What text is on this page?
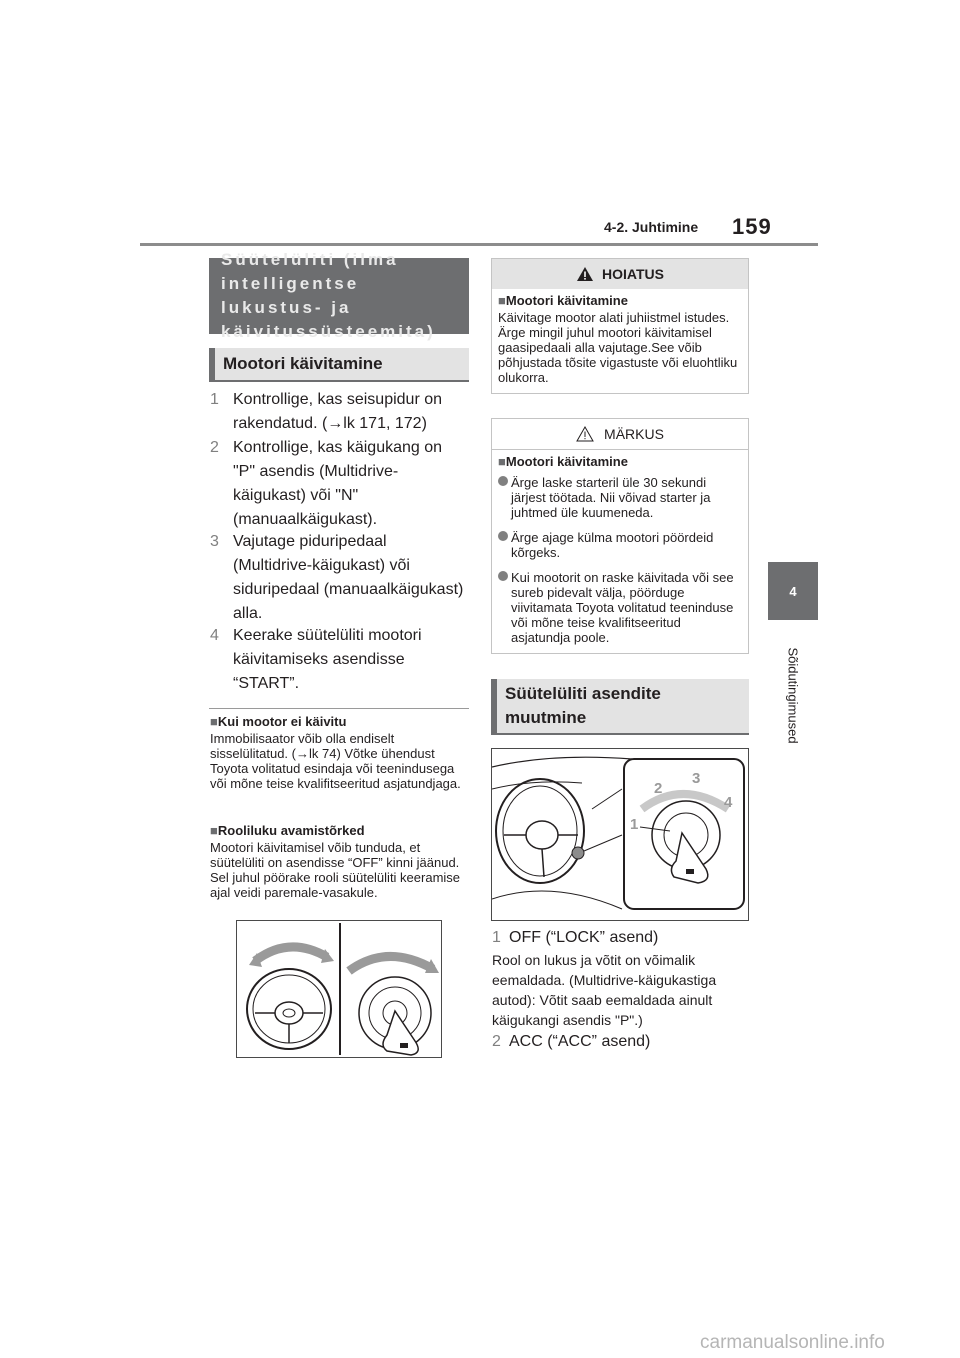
4-2. Juhtimine 159
4
Sõidutingimused
Süütelüliti (ilma
intelligentse lukustus- ja
käivitussüsteemita)
Mootori käivitamine
1 Kontrollige, kas seisupidur on rakendatud. (→lk 171, 172)
2 Kontrollige, kas käigukang on "P" asendis (Multidrive-käigukast) või "N" (manuaalkäigukast).
3 Vajutage piduripedaal (Multidrive-käigukast) või siduripedaal (manuaalkäigukast) alla.
4 Keerake süütelüliti mootori käivitamiseks asendisse “START”.
■Kui mootor ei käivitu
Immobilisaator võib olla endiselt sisselülitatud. (→lk 74) Võtke ühendust Toyota volitatud esindaja või teenindusega või mõne teise kvalifitseeritud asjatundjaga.
■Rooliluku avamistõrked
Mootori käivitamisel võib tunduda, et süütelüliti on asendisse “OFF” kinni jäänud. Sel juhul pöörake rooli süütelüliti keeramise ajal veidi paremale-vasakule.
HOIATUS
■Mootori käivitamine
Käivitage mootor alati juhiistmel istudes. Ärge mingil juhul mootori käivitamisel gaasipedaali alla vajutage.See võib põhjustada tõsite vigastuste või eluohtliku olukorra.
MÄRKUS
■Mootori käivitamine
Ärge laske starteril üle 30 sekundi järjest töötada. Nii võivad starter ja juhtmed üle kuumeneda.
Ärge ajage külma mootori pöördeid kõrgeks.
Kui mootorit on raske käivitada või see sureb pidevalt välja, pöörduge viivitamata Toyota volitatud teeninduse või mõne teise kvalifitseeritud asjatundja poole.
Süütelüliti asendite
muutmine
1
2
3
4
1 OFF (“LOCK” asend)
Rool on lukus ja võtit on võimalik eemaldada. (Multidrive-käigukastiga autod): Võtit saab eemaldada ainult käigukangi asendis "P".)
2 ACC (“ACC” asend)
carmanualsonline.info
